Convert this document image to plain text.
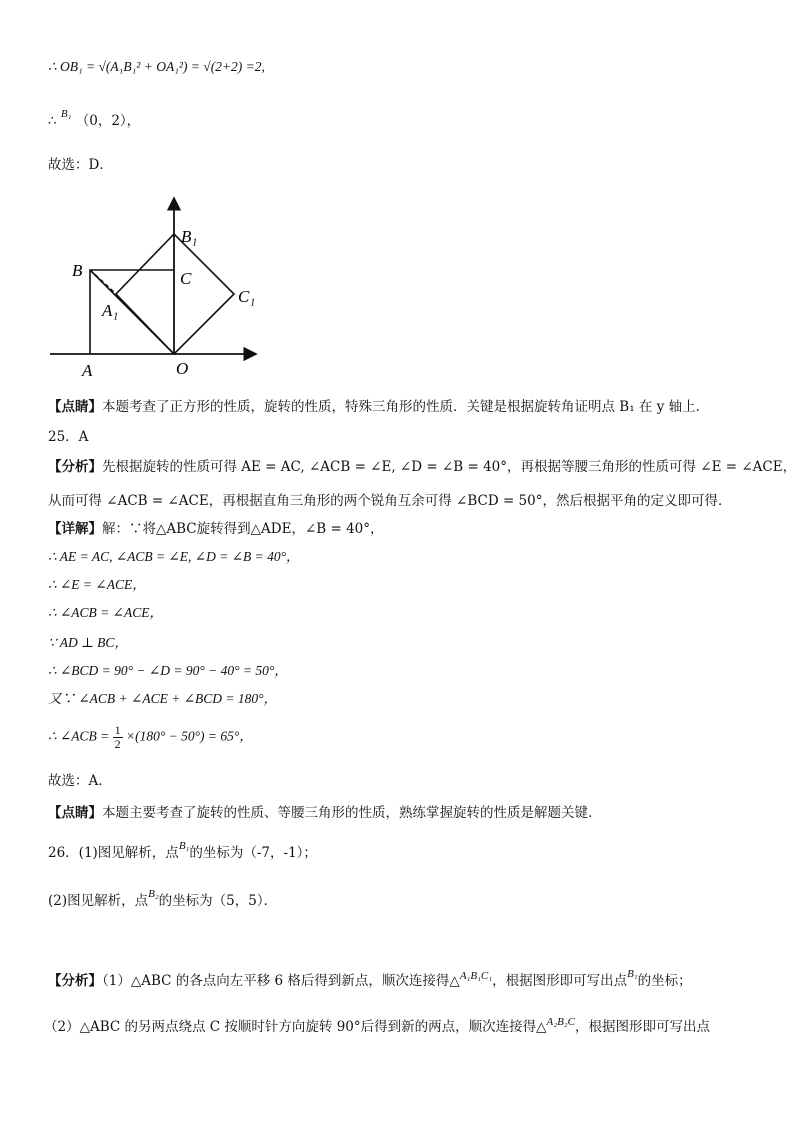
∴ OB₁ = √(A₁B₁² + OA₁²) = √(2+2) =2,
∴ $^{B_1}$ （0，2），
故选：D．
B₁
B	C
A₁
C₁
A	O
【点睛】本题考查了正方形的性质，旋转的性质，特殊三角形的性质．关键是根据旋转角证明点 B₁ 在 y 轴上．
25．A
【分析】先根据旋转的性质可得 AE = AC, ∠ACB = ∠E, ∠D = ∠B = 40°，再根据等腰三角形的性质可得 ∠E = ∠ACE，
从而可得 ∠ACB = ∠ACE，再根据直角三角形的两个锐角互余可得 ∠BCD = 50°，然后根据平角的定义即可得．
【详解】解：∵将△ABC旋转得到△ADE，∠B = 40°，
∴ AE = AC, ∠ACB = ∠E, ∠D = ∠B = 40°，
∴ ∠E = ∠ACE，
∴ ∠ACB = ∠ACE，
∵ AD ⊥ BC，
∴ ∠BCD = 90° − ∠D = 90° − 40° = 50°，
又∵ ∠ACB + ∠ACE + ∠BCD = 180°，
∴ ∠ACB = $\frac{1}{2} \times(180^\circ - 50^\circ) = 65^\circ$，
故选：A．
【点睛】本题主要考查了旋转的性质、等腰三角形的性质，熟练掌握旋转的性质是解题关键．
26．(1)图见解析，点$^{B_1}$的坐标为（-7，-1）；
(2)图见解析，点$^{B_2}$的坐标为（5，5）．
【分析】（1）△ABC 的各点向左平移 6 格后得到新点，顺次连接得△$^{A_1B_1C_1}$，根据图形即可写出点$^{B_1}$的坐标；
（2）△ABC 的另两点绕点 C 按顺时针方向旋转 90°后得到新的两点，顺次连接得△$^{A_2B_2C}$，根据图形即可写出点
